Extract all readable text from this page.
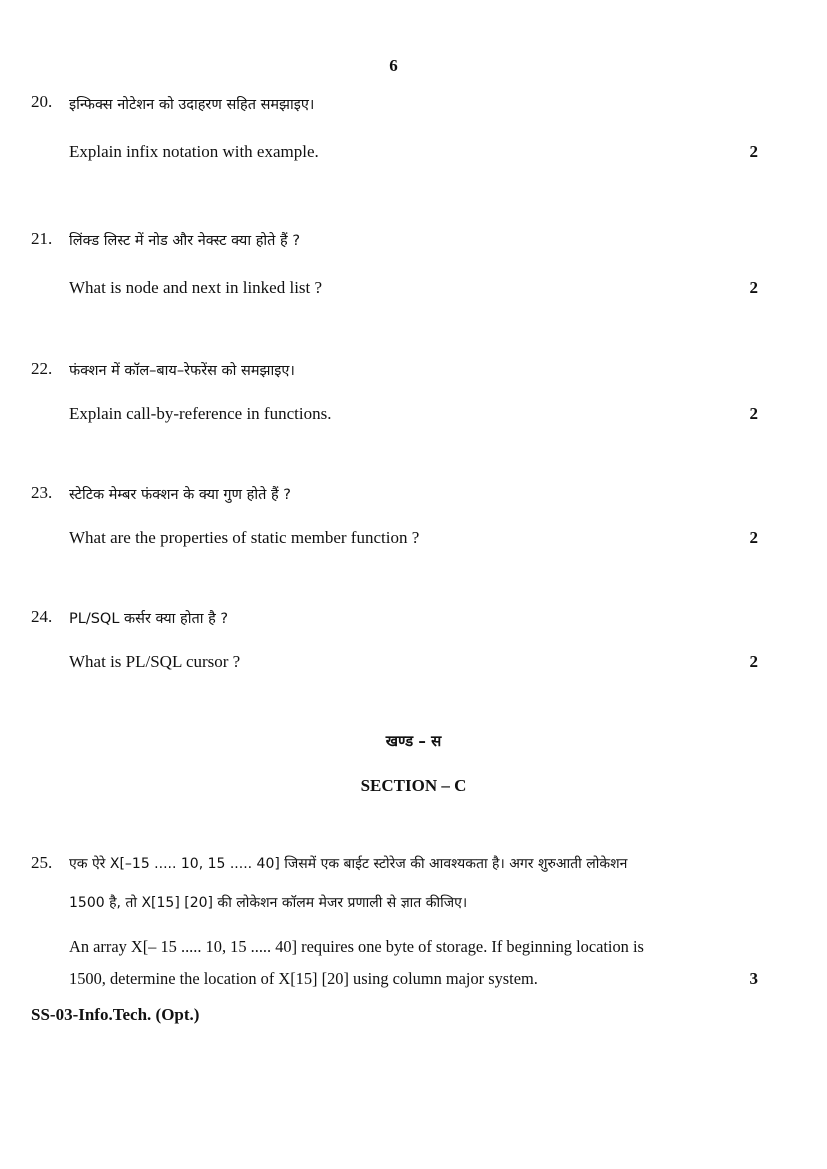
6
20. इन्फिक्स नोटेशन को उदाहरण सहित समझाइए।
Explain infix notation with example.	2
21. लिंक्ड लिस्ट में नोड और नेक्स्ट क्या होते हैं ?
What is node and next in linked list ?	2
22. फंक्शन में कॉल–बाय–रेफरेंस को समझाइए।
Explain call-by-reference in functions.	2
23. स्टेटिक मेम्बर फंक्शन के क्या गुण होते हैं ?
What are the properties of static member function ?	2
24. PL/SQL कर्सर क्या होता है ?
What is PL/SQL cursor ?	2
खण्ड – स
SECTION – C
25. एक ऐरे X[–15 ..... 10, 15 ..... 40] जिसमें एक बाईट स्टोरेज की आवश्यकता है। अगर शुरुआती लोकेशन
1500 है, तो X[15] [20] की लोकेशन कॉलम मेजर प्रणाली से ज्ञात कीजिए।
An array X[– 15 ..... 10, 15 ..... 40] requires one byte of storage. If beginning location is
1500, determine the location of X[15] [20] using column major system.	3
SS-03-Info.Tech. (Opt.)
